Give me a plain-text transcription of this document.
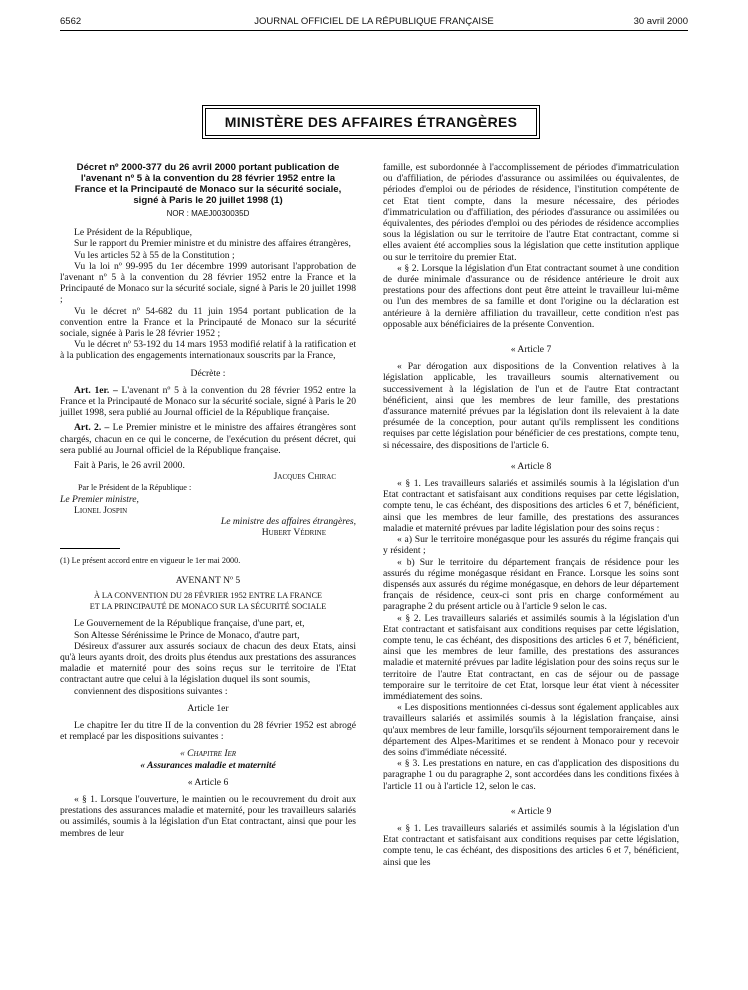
6562	JOURNAL OFFICIEL DE LA RÉPUBLIQUE FRANÇAISE	30 avril 2000
MINISTÈRE DES AFFAIRES ÉTRANGÈRES

Décret nº 2000-377 du 26 avril 2000 portant publication de l'avenant nº 5 à la convention du 28 février 1952 entre la France et la Principauté de Monaco sur la sécurité sociale, signé à Paris le 20 juillet 1998 (1)

NOR : MAEJ0030035D

Le Président de la République,

Sur le rapport du Premier ministre et du ministre des affaires étrangères,

Vu les articles 52 à 55 de la Constitution ;

Vu la loi nº 99-995 du 1er décembre 1999 autorisant l'approbation de l'avenant nº 5 à la convention du 28 février 1952 entre la France et la Principauté de Monaco sur la sécurité sociale, signé à Paris le 20 juillet 1998 ;

Vu le décret nº 54-682 du 11 juin 1954 portant publication de la convention entre la France et la Principauté de Monaco sur la sécurité sociale, signée à Paris le 28 février 1952 ;

Vu le décret nº 53-192 du 14 mars 1953 modifié relatif à la ratification et à la publication des engagements internationaux souscrits par la France,

Décrète :

Art. 1er. – L'avenant nº 5 à la convention du 28 février 1952 entre la France et la Principauté de Monaco sur la sécurité sociale, signé à Paris le 20 juillet 1998, sera publié au Journal officiel de la République française.

Art. 2. – Le Premier ministre et le ministre des affaires étrangères sont chargés, chacun en ce qui le concerne, de l'exécution du présent décret, qui sera publié au Journal officiel de la République française.

Fait à Paris, le 26 avril 2000.

Jacques Chirac

Par le Président de la République :

Le Premier ministre,

Lionel Jospin

Le ministre des affaires étrangères,

Hubert Védrine

(1) Le présent accord entre en vigueur le 1er mai 2000.

AVENANT Nº 5

À LA CONVENTION DU 28 FÉVRIER 1952 ENTRE LA FRANCE

ET LA PRINCIPAUTÉ DE MONACO SUR LA SÉCURITÉ SOCIALE

Le Gouvernement de la République française, d'une part, et,

Son Altesse Sérénissime le Prince de Monaco, d'autre part,

Désireux d'assurer aux assurés sociaux de chacun des deux Etats, ainsi qu'à leurs ayants droit, des droits plus étendus aux prestations des assurances maladie et maternité pour des soins reçus sur le territoire de l'Etat contractant autre que celui à la législation duquel ils sont soumis,

conviennent des dispositions suivantes :

Article 1er

Le chapitre Ier du titre II de la convention du 28 février 1952 est abrogé et remplacé par les dispositions suivantes :

« Chapitre Ier

« Assurances maladie et maternité

« Article 6

« § 1. Lorsque l'ouverture, le maintien ou le recouvrement du droit aux prestations des assurances maladie et maternité, pour les travailleurs salariés ou assimilés, soumis à la législation d'un Etat contractant, ainsi que pour les membres de leur

famille, est subordonnée à l'accomplissement de périodes d'immatriculation ou d'affiliation, de périodes d'assurance ou assimilées ou équivalentes, de périodes d'emploi ou de périodes de résidence, l'institution compétente de cet Etat tient compte, dans la mesure nécessaire, des périodes d'immatriculation ou d'affiliation, des périodes d'assurance ou assimilées ou équivalentes, des périodes d'emploi ou des périodes de résidence accomplies sous la législation ou sur le territoire de l'autre Etat contractant, comme si elles avaient été accomplies sous la législation que cette institution applique ou sur le territoire du premier Etat.

« § 2. Lorsque la législation d'un Etat contractant soumet à une condition de durée minimale d'assurance ou de résidence antérieure le droit aux prestations pour des affections dont peut être atteint le travailleur lui-même ou l'un des membres de sa famille et dont l'origine ou la déclaration est antérieure à la dernière affiliation du travailleur, cette condition n'est pas opposable aux bénéficiaires de la présente Convention.

« Article 7

« Par dérogation aux dispositions de la Convention relatives à la législation applicable, les travailleurs soumis alternativement ou successivement à la législation de l'un et de l'autre Etat contractant bénéficient, ainsi que les membres de leur famille, des prestations d'assurance maternité prévues par la législation dont ils relevaient à la date présumée de la conception, pour autant qu'ils remplissent les conditions requises par cette législation pour bénéficier de ces prestations, compte tenu, si nécessaire, des dispositions de l'article 6.

« Article 8

« § 1. Les travailleurs salariés et assimilés soumis à la législation d'un Etat contractant et satisfaisant aux conditions requises par cette législation, compte tenu, le cas échéant, des dispositions des articles 6 et 7, bénéficient, ainsi que les membres de leur famille, des prestations des assurances maladie et maternité prévues par ladite législation pour des soins reçus :

« a) Sur le territoire monégasque pour les assurés du régime français qui y résident ;

« b) Sur le territoire du département français de résidence pour les assurés du régime monégasque résidant en France. Lorsque les soins sont dispensés aux assurés du régime monégasque, en dehors de leur département français de résidence, ceux-ci sont pris en charge conformément au paragraphe 2 du présent article ou à l'article 9 selon le cas.

« § 2. Les travailleurs salariés et assimilés soumis à la législation d'un Etat contractant et satisfaisant aux conditions requises par cette législation, compte tenu, le cas échéant, des dispositions des articles 6 et 7, bénéficient, ainsi que les membres de leur famille, des prestations des assurances maladie et maternité prévues par ladite législation pour des soins reçus sur le territoire de l'autre Etat contractant, en cas de séjour ou de passage temporaire sur le territoire de cet Etat, lorsque leur état vient à nécessiter immédiatement des soins.

« Les dispositions mentionnées ci-dessus sont également applicables aux travailleurs salariés et assimilés soumis à la législation française, ainsi qu'aux membres de leur famille, lorsqu'ils séjournent temporairement dans le département des Alpes-Maritimes et se rendent à Monaco pour y recevoir des soins d'immédiate nécessité.

« § 3. Les prestations en nature, en cas d'application des dispositions du paragraphe 1 ou du paragraphe 2, sont accordées dans les conditions fixées à l'article 11 ou à l'article 12, selon le cas.

« Article 9

« § 1. Les travailleurs salariés et assimilés soumis à la législation d'un Etat contractant et satisfaisant aux conditions requises par cette législation, compte tenu, le cas échéant, des dispositions des articles 6 et 7, bénéficient, ainsi que les
